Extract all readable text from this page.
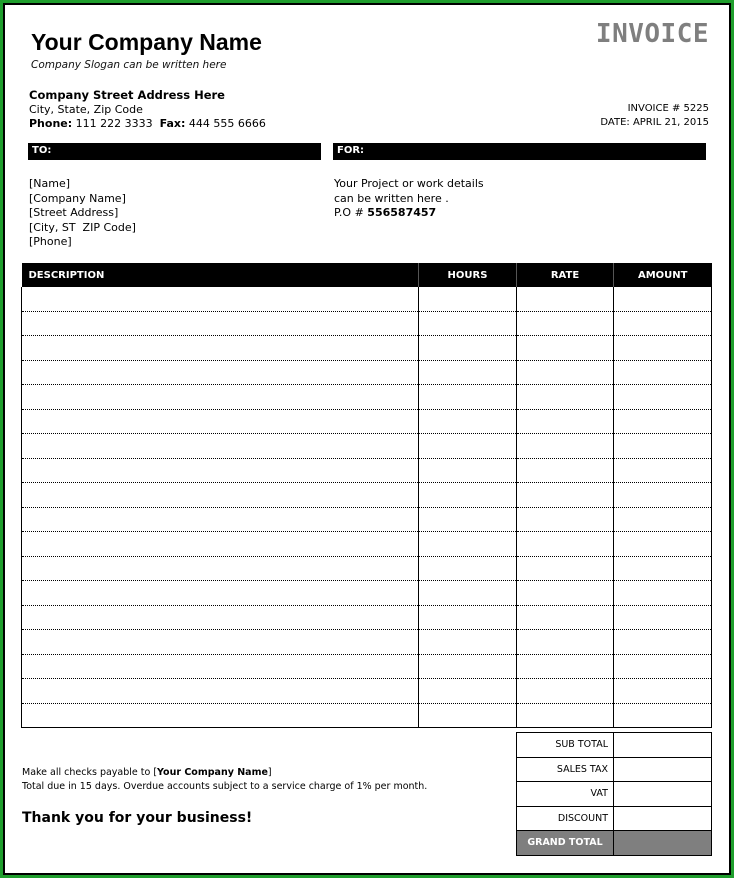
Your Company Name
Company Slogan can be written here
Company Street Address Here
City, State, Zip Code
Phone: 111 222 3333  Fax: 444 555 6666
INVOICE
INVOICE # 5225
DATE: APRIL 21, 2015
TO:	FOR:
[Name]
[Company Name]
[Street Address]
[City, ST  ZIP Code]
[Phone]
Your Project or work details
can be written here .
P.O # 556587457
DESCRIPTION	HOURS	RATE	AMOUNT

SUB TOTAL	
SALES TAX	
VAT	
DISCOUNT	
GRAND TOTAL	
Make all checks payable to [Your Company Name]
Total due in 15 days. Overdue accounts subject to a service charge of 1% per month.
Thank you for your business!
